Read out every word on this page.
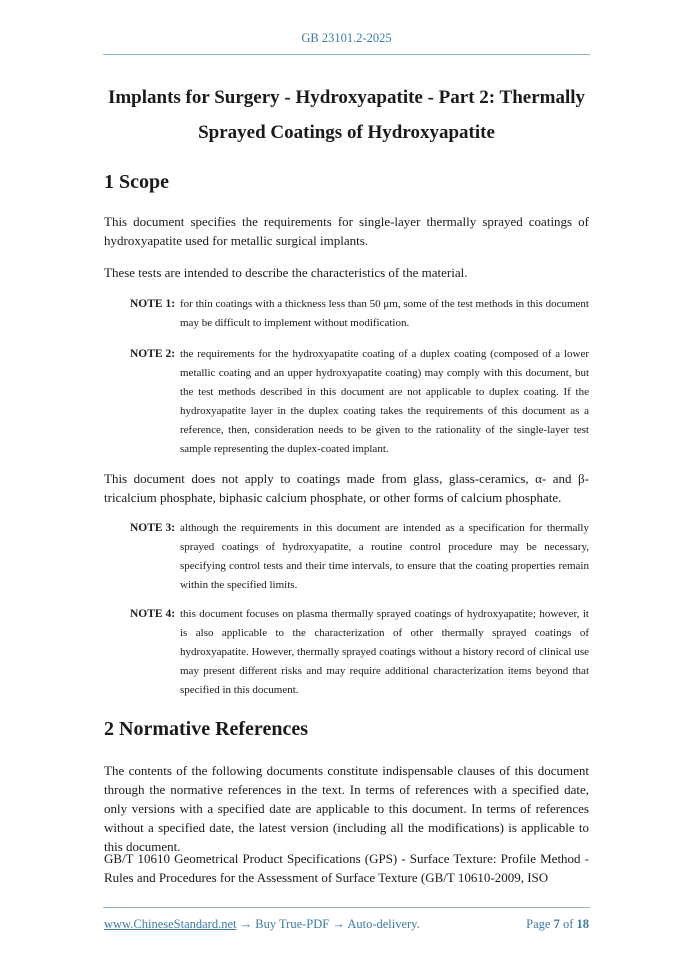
GB 23101.2-2025
Implants for Surgery - Hydroxyapatite - Part 2: Thermally
Sprayed Coatings of Hydroxyapatite
1 Scope
This document specifies the requirements for single-layer thermally sprayed coatings of hydroxyapatite used for metallic surgical implants.
These tests are intended to describe the characteristics of the material.
NOTE 1: for thin coatings with a thickness less than 50 μm, some of the test methods in this document may be difficult to implement without modification.
NOTE 2: the requirements for the hydroxyapatite coating of a duplex coating (composed of a lower metallic coating and an upper hydroxyapatite coating) may comply with this document, but the test methods described in this document are not applicable to duplex coating. If the hydroxyapatite layer in the duplex coating takes the requirements of this document as a reference, then, consideration needs to be given to the rationality of the single-layer test sample representing the duplex-coated implant.
This document does not apply to coatings made from glass, glass-ceramics, α- and β-tricalcium phosphate, biphasic calcium phosphate, or other forms of calcium phosphate.
NOTE 3: although the requirements in this document are intended as a specification for thermally sprayed coatings of hydroxyapatite, a routine control procedure may be necessary, specifying control tests and their time intervals, to ensure that the coating properties remain within the specified limits.
NOTE 4: this document focuses on plasma thermally sprayed coatings of hydroxyapatite; however, it is also applicable to the characterization of other thermally sprayed coatings of hydroxyapatite. However, thermally sprayed coatings without a history record of clinical use may present different risks and may require additional characterization items beyond that specified in this document.
2 Normative References
The contents of the following documents constitute indispensable clauses of this document through the normative references in the text. In terms of references with a specified date, only versions with a specified date are applicable to this document. In terms of references without a specified date, the latest version (including all the modifications) is applicable to this document.
GB/T 10610 Geometrical Product Specifications (GPS) - Surface Texture: Profile Method - Rules and Procedures for the Assessment of Surface Texture (GB/T 10610-2009, ISO
www.ChineseStandard.net → Buy True-PDF → Auto-delivery.	Page 7 of 18
